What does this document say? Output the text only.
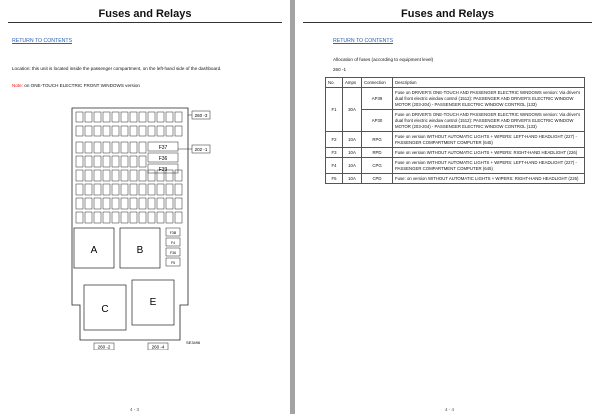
Fuses and Relays
RETURN TO CONTENTS
Location: this unit is located inside the passenger compartment, on the left-hand side of the dashboard.
Note: on ONE-TOUCH ELECTRIC FRONT WINDOWS version
F37
F36
F39
A	B
F3B
F4
F36
F5
C
E
260 -3
202 -1
260 -2	260 -4
SE3496
4 - 3
Fuses and Relays
RETURN TO CONTENTS
Allocation of fuses (according to equipment level)
260 -1
No.	Amps	Connection	Description
F1	30A	AP39	Fuse on DRIVER'S ONE-TOUCH AND PASSENGER ELECTRIC WINDOWS version: Via driver's dual front electric window control (1512): PASSENGER AND DRIVER'S ELECTRIC WINDOW MOTOR (203-204) - PASSENGER ELECTRIC WINDOW CONTROL (133)
		AP30	Fuse on DRIVER'S ONE-TOUCH AND PASSENGER ELECTRIC WINDOWS version: Via driver's dual front electric window control (1512): PASSENGER AND DRIVER'S ELECTRIC WINDOW MOTOR (203-204) - PASSENGER ELECTRIC WINDOW CONTROL (133)
F2	10A	RPG	Fuse on version WITHOUT AUTOMATIC LIGHTS + WIPERS: LEFT-HAND HEADLIGHT (227) - PASSENGER COMPARTMENT COMPUTER (645)
F3	10A	RPD	Fuse on version WITHOUT AUTOMATIC LIGHTS + WIPERS: RIGHT-HAND HEADLIGHT (226)
F4	10A	CPG	Fuse on version WITHOUT AUTOMATIC LIGHTS + WIPERS: LEFT-HAND HEADLIGHT (227) - PASSENGER COMPARTMENT COMPUTER (645)
F5	10A	CPD	Fuse: on version WITHOUT AUTOMATIC LIGHTS + WIPERS: RIGHT-HAND HEADLIGHT (226)
4 - 4
